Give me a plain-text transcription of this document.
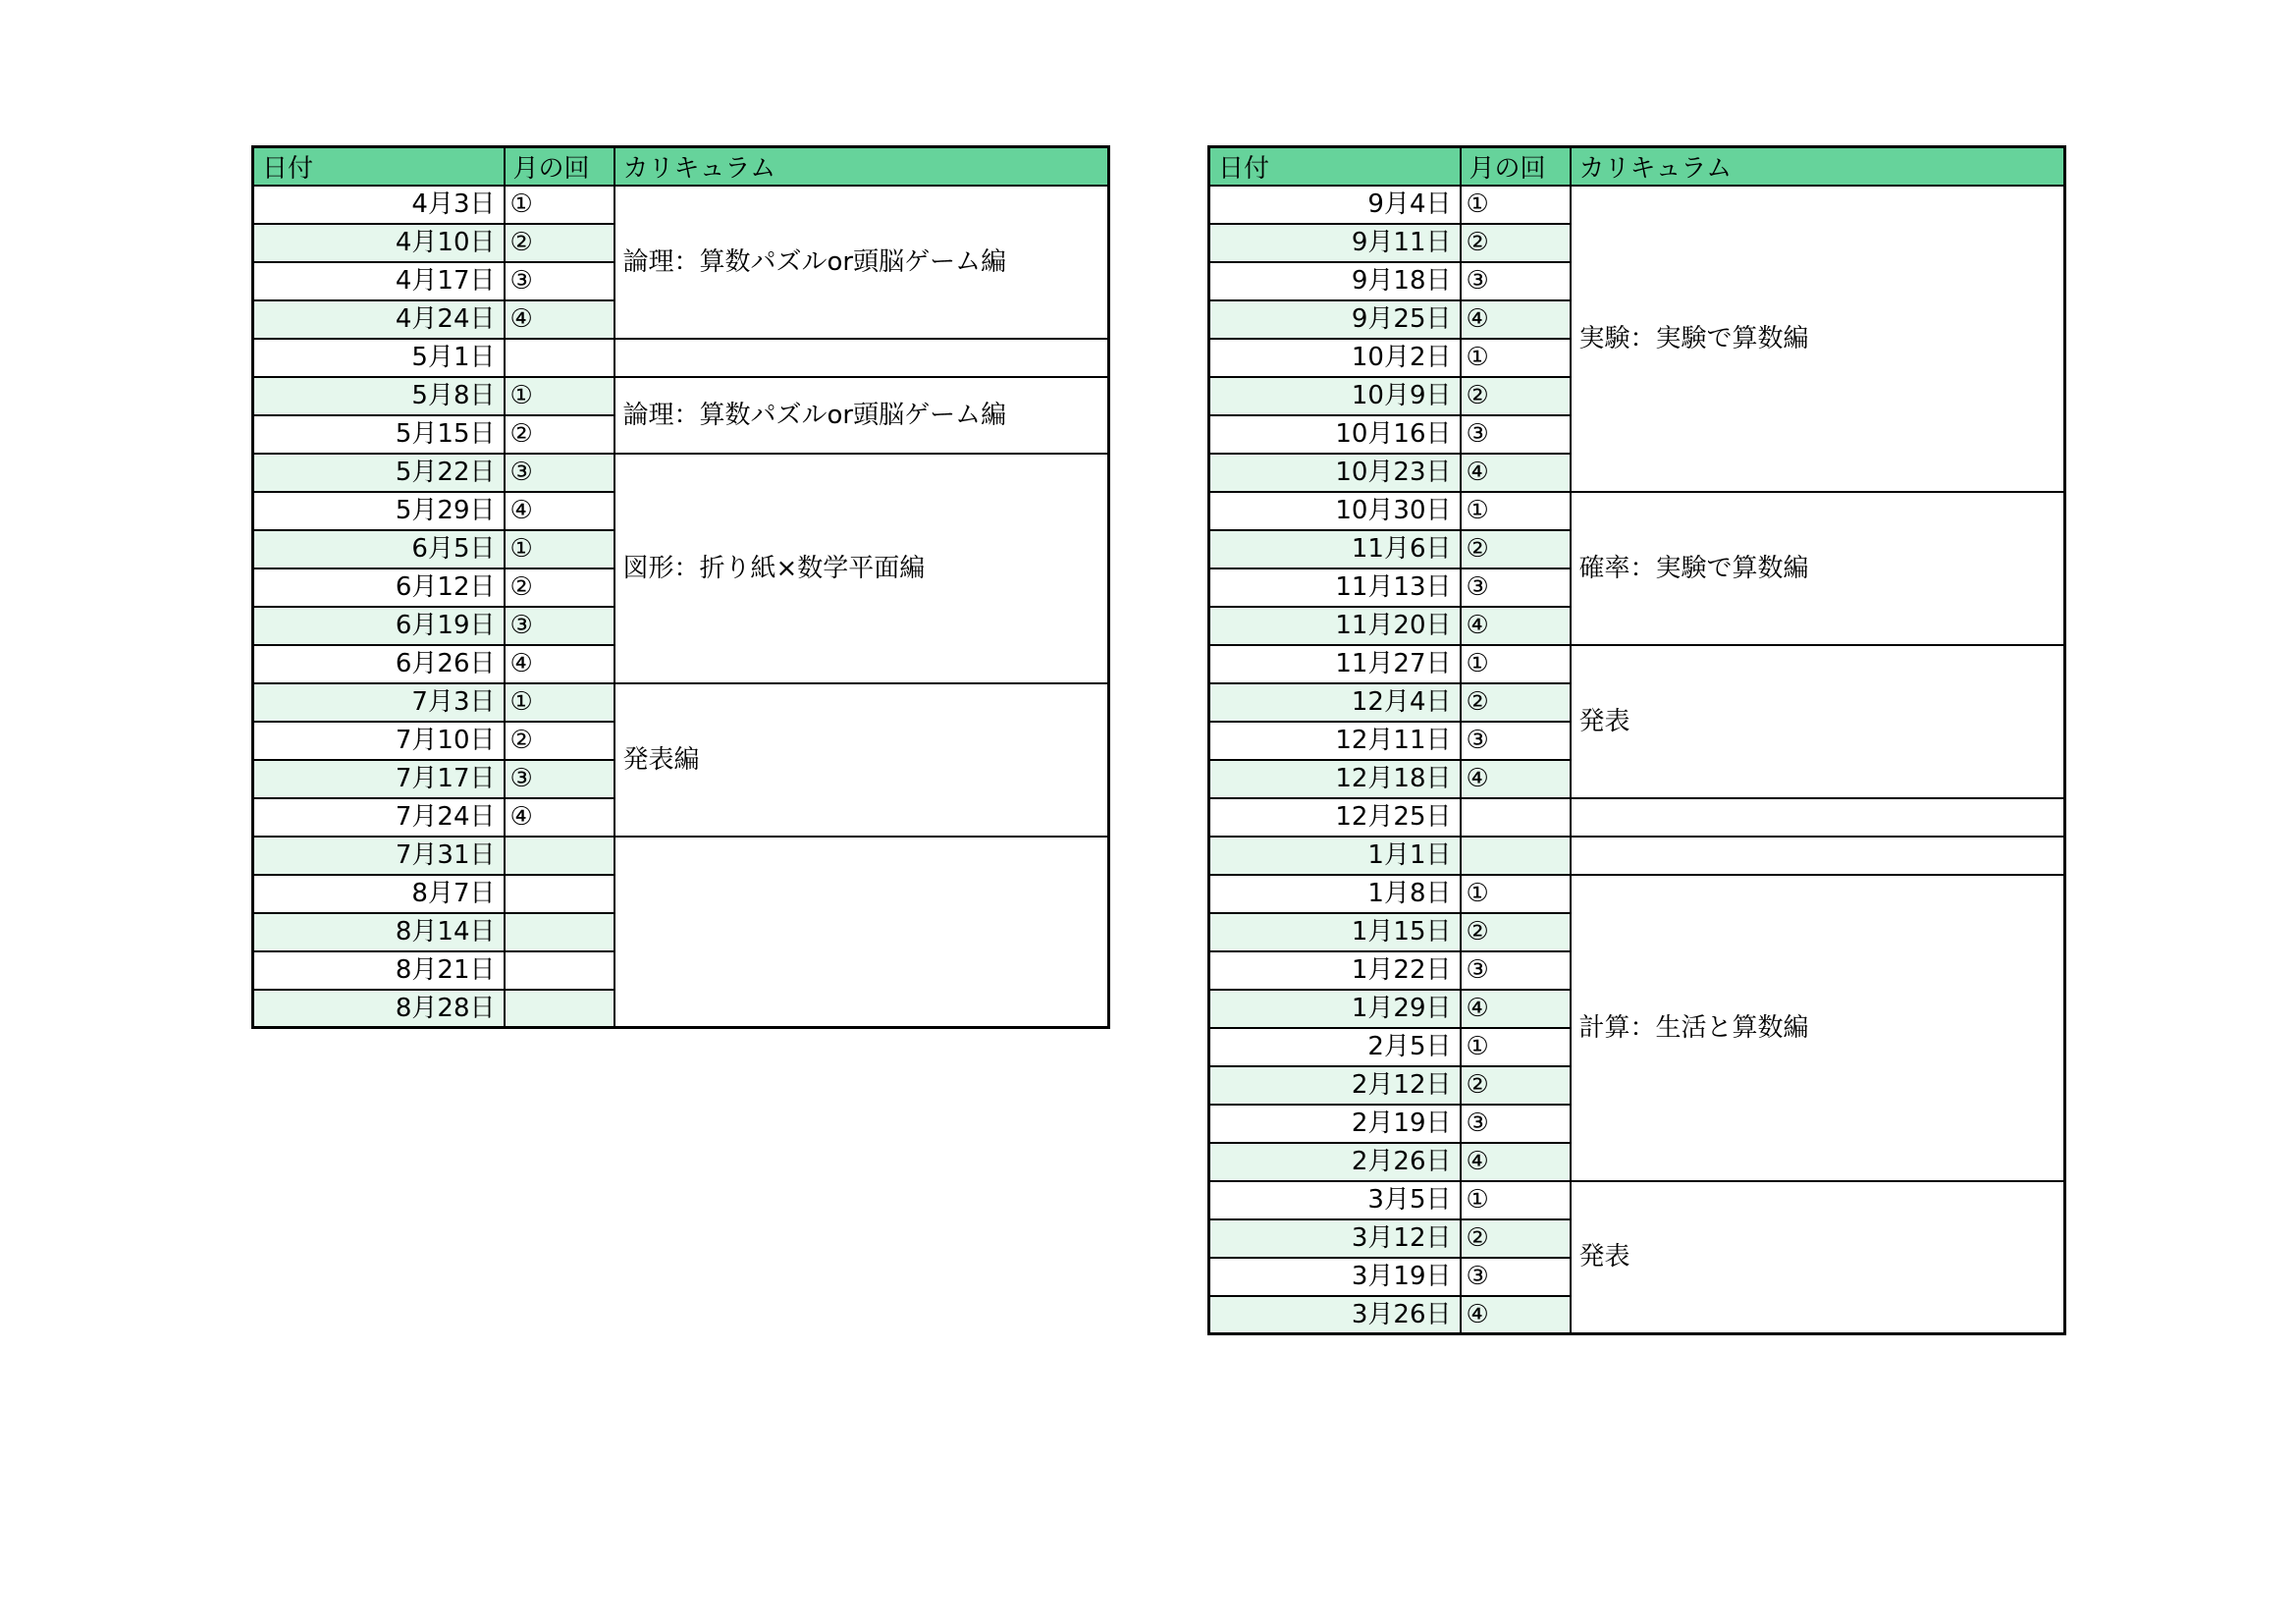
日付	月の回	カリキュラム
4月3日	①	論理：算数パズルor頭脳ゲーム編
4月10日	②	
4月17日	③	
4月24日	④	
5月1日		
5月8日	①	論理：算数パズルor頭脳ゲーム編
5月15日	②	
5月22日	③	図形：折り紙×数学平面編
5月29日	④	
6月5日	①	
6月12日	②	
6月19日	③	
6月26日	④	
7月3日	①	発表編
7月10日	②	
7月17日	③	
7月24日	④	
7月31日		
8月7日		
8月14日		
8月21日		
8月28日		
日付	月の回	カリキュラム
9月4日	①	実験：実験で算数編
9月11日	②	
9月18日	③	
9月25日	④	
10月2日	①	
10月9日	②	
10月16日	③	
10月23日	④	
10月30日	①	確率：実験で算数編
11月6日	②	
11月13日	③	
11月20日	④	
11月27日	①	発表
12月4日	②	
12月11日	③	
12月18日	④	
12月25日		
1月1日		
1月8日	①	計算：生活と算数編
1月15日	②	
1月22日	③	
1月29日	④	
2月5日	①	
2月12日	②	
2月19日	③	
2月26日	④	
3月5日	①	発表
3月12日	②	
3月19日	③	
3月26日	④	
